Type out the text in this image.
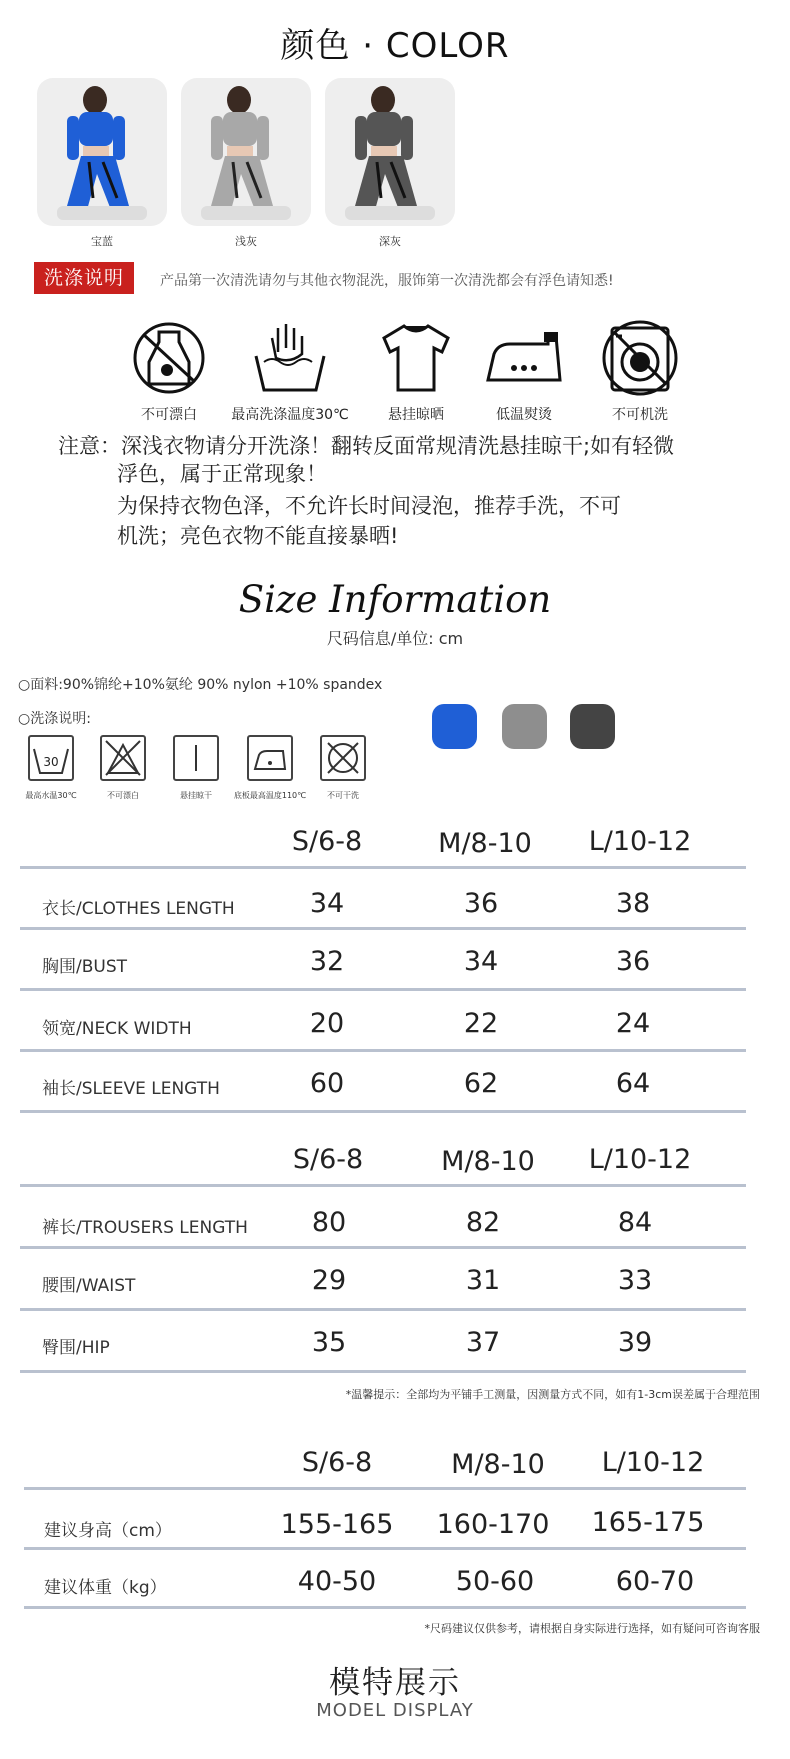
颜色 · COLOR
宝蓝	浅灰	深灰
洗涤说明	产品第一次清洗请勿与其他衣物混洗，服饰第一次清洗都会有浮色请知悉!
不可漂白	最高洗涤温度30℃	悬挂晾晒	低温熨烫	不可机洗
注意：深浅衣物请分开洗涤！翻转反面常规清洗悬挂晾干;如有轻微
浮色，属于正常现象！
为保持衣物色泽，不允许长时间浸泡，推荐手洗，不可
机洗；亮色衣物不能直接暴晒!
Size Information
尺码信息/单位: cm
○面料:90%锦纶+10%氨纶 90% nylon +10% spandex
○洗涤说明:
30
最高水温30℃	不可漂白	悬挂晾干	底板最高温度110℃	不可干洗
S/6-8	M/8-10	L/10-12
衣长/CLOTHES LENGTH	34	36	38
胸围/BUST	32	34	36
领宽/NECK WIDTH	20	22	24
袖长/SLEEVE LENGTH	60	62	64
S/6-8	M/8-10	L/10-12
裤长/TROUSERS LENGTH	80	82	84
腰围/WAIST	29	31	33
臀围/HIP	35	37	39
*温馨提示：全部均为平铺手工测量，因测量方式不同，如有1-3cm误差属于合理范围
S/6-8	M/8-10	L/10-12
建议身高（cm）	155-165	160-170	165-175
建议体重（kg）	40-50	50-60	60-70
*尺码建议仅供参考，请根据自身实际进行选择，如有疑问可咨询客服
模特展示
MODEL DISPLAY
